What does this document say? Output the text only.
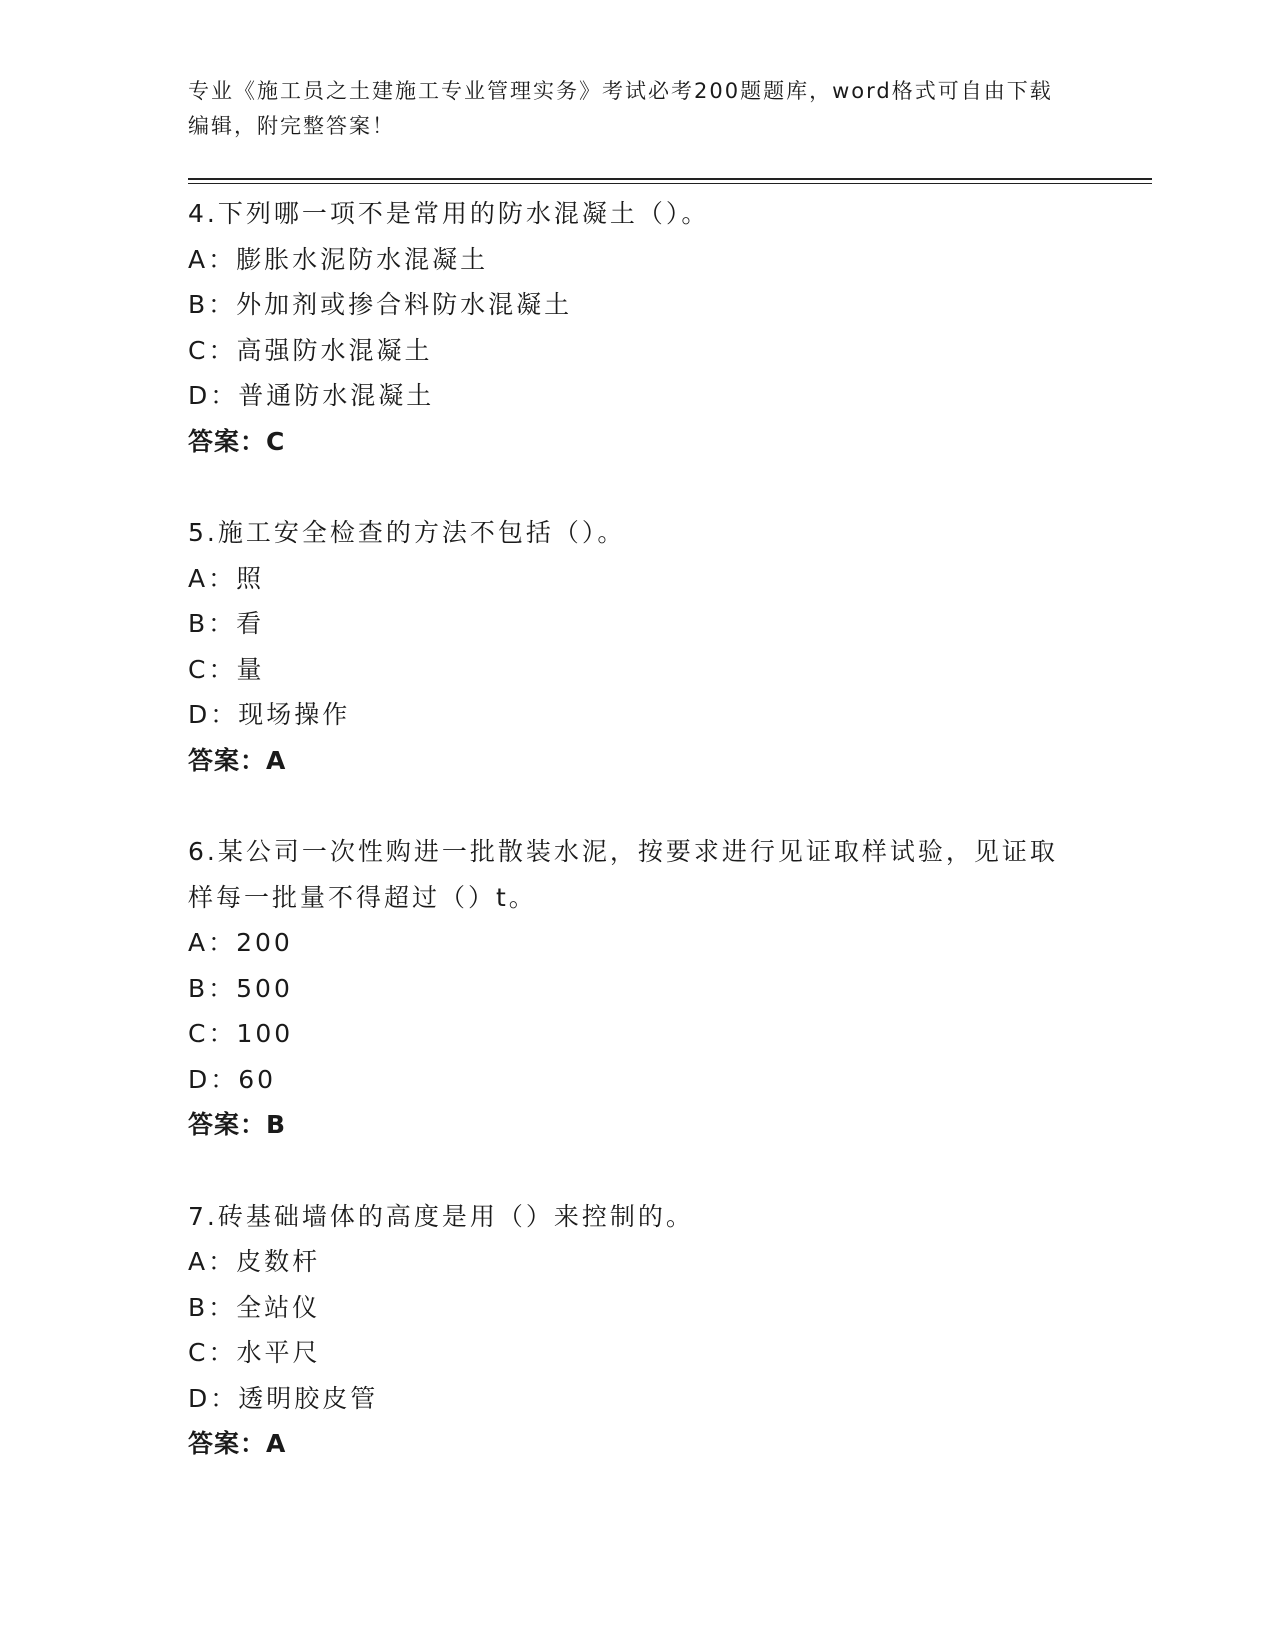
专业《施工员之土建施工专业管理实务》考试必考200题题库，word格式可自由下载编辑，附完整答案！
4.下列哪一项不是常用的防水混凝土（）。
A：膨胀水泥防水混凝土
B：外加剂或掺合料防水混凝土
C：高强防水混凝土
D：普通防水混凝土
答案：C
5.施工安全检查的方法不包括（）。
A：照
B：看
C：量
D：现场操作
答案：A
6.某公司一次性购进一批散装水泥，按要求进行见证取样试验，见证取样每一批量不得超过（）t。
A：200
B：500
C：100
D：60
答案：B
7.砖基础墙体的高度是用（）来控制的。
A：皮数杆
B：全站仪
C：水平尺
D：透明胶皮管
答案：A
